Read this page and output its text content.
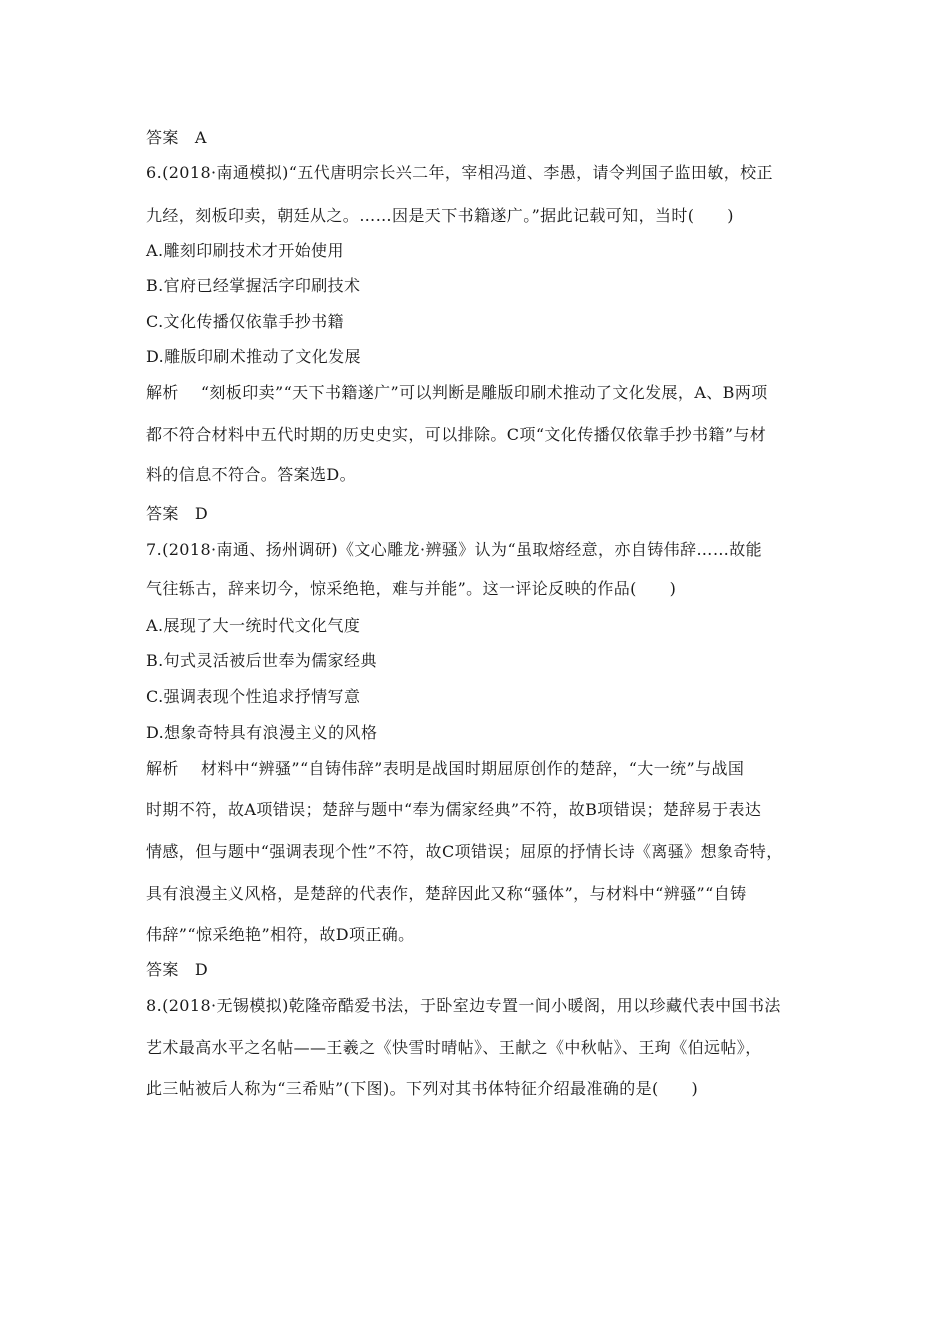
答案 A
6.(2018·南通模拟)“五代唐明宗长兴二年，宰相冯道、李愚，请令判国子监田敏，校正
九经，刻板印卖，朝廷从之。……因是天下书籍遂广。”据此记载可知，当时(　　)
A.雕刻印刷技术才开始使用
B.官府已经掌握活字印刷技术
C.文化传播仅依靠手抄书籍
D.雕版印刷术推动了文化发展
解析 “刻板印卖”“天下书籍遂广”可以判断是雕版印刷术推动了文化发展，A、B两项
都不符合材料中五代时期的历史史实，可以排除。C项“文化传播仅依靠手抄书籍”与材
料的信息不符合。答案选D。
答案 D
7.(2018·南通、扬州调研)《文心雕龙·辨骚》认为“虽取熔经意，亦自铸伟辞……故能
气往轹古，辞来切今，惊采绝艳，难与并能”。这一评论反映的作品(　　)
A.展现了大一统时代文化气度
B.句式灵活被后世奉为儒家经典
C.强调表现个性追求抒情写意
D.想象奇特具有浪漫主义的风格
解析 材料中“辨骚”“自铸伟辞”表明是战国时期屈原创作的楚辞，“大一统”与战国
时期不符，故A项错误；楚辞与题中“奉为儒家经典”不符，故B项错误；楚辞易于表达
情感，但与题中“强调表现个性”不符，故C项错误；屈原的抒情长诗《离骚》想象奇特，
具有浪漫主义风格，是楚辞的代表作，楚辞因此又称“骚体”，与材料中“辨骚”“自铸
伟辞”“惊采绝艳”相符，故D项正确。
答案 D
8.(2018·无锡模拟)乾隆帝酷爱书法，于卧室边专置一间小暖阁，用以珍藏代表中国书法
艺术最高水平之名帖——王羲之《快雪时晴帖》、王献之《中秋帖》、王珣《伯远帖》，
此三帖被后人称为“三希贴”(下图)。下列对其书体特征介绍最准确的是(　　)
